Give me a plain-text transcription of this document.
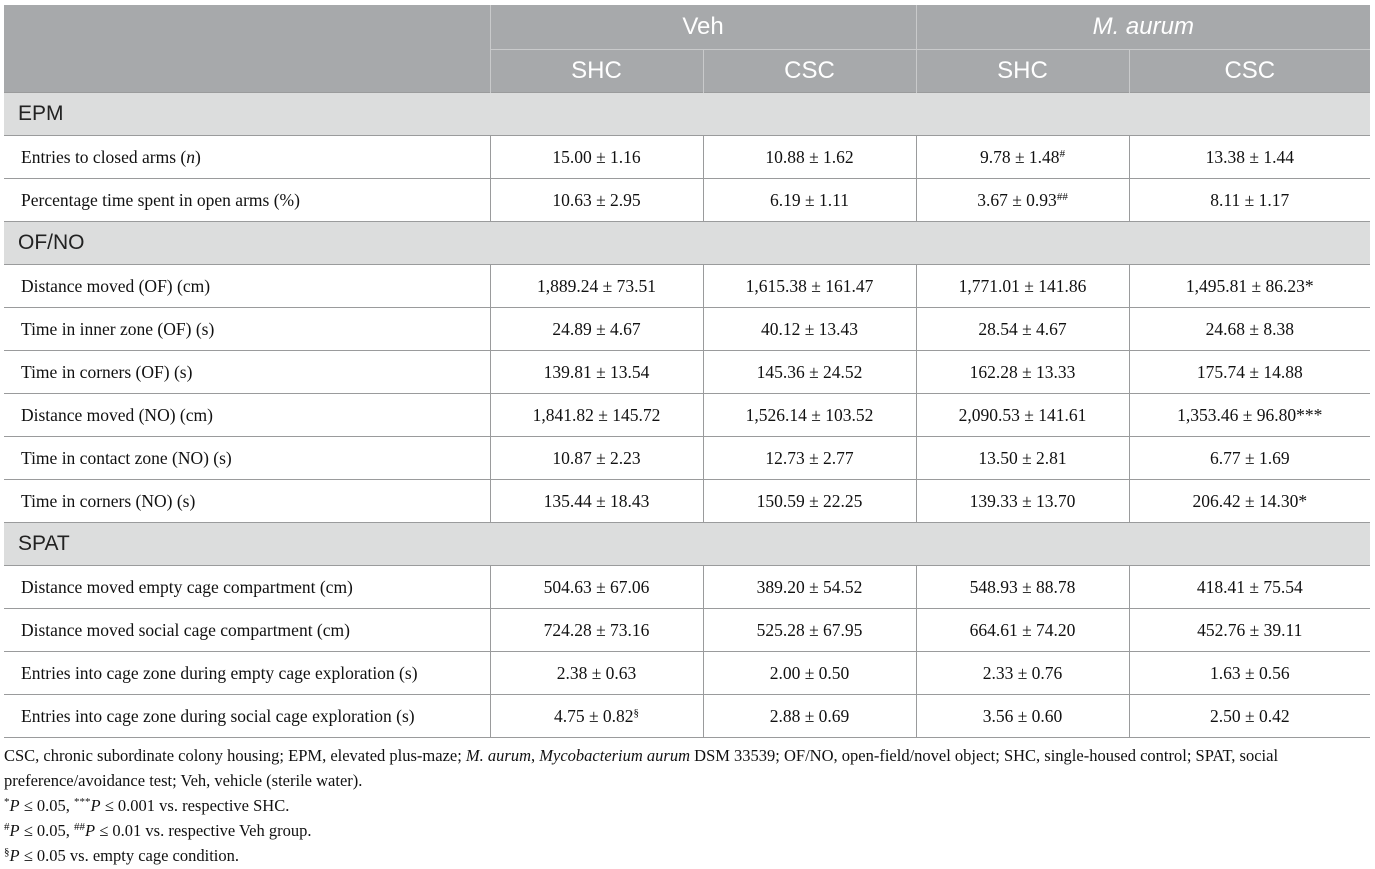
	Veh		M. aurum	
	SHC	CSC	SHC	CSC
EPM				
Entries to closed arms (n)	15.00 ± 1.16	10.88 ± 1.62	9.78 ± 1.48#	13.38 ± 1.44
Percentage time spent in open arms (%)	10.63 ± 2.95	6.19 ± 1.11	3.67 ± 0.93##	8.11 ± 1.17
OF/NO				
Distance moved (OF) (cm)	1,889.24 ± 73.51	1,615.38 ± 161.47	1,771.01 ± 141.86	1,495.81 ± 86.23*
Time in inner zone (OF) (s)	24.89 ± 4.67	40.12 ± 13.43	28.54 ± 4.67	24.68 ± 8.38
Time in corners (OF) (s)	139.81 ± 13.54	145.36 ± 24.52	162.28 ± 13.33	175.74 ± 14.88
Distance moved (NO) (cm)	1,841.82 ± 145.72	1,526.14 ± 103.52	2,090.53 ± 141.61	1,353.46 ± 96.80***
Time in contact zone (NO) (s)	10.87 ± 2.23	12.73 ± 2.77	13.50 ± 2.81	6.77 ± 1.69
Time in corners (NO) (s)	135.44 ± 18.43	150.59 ± 22.25	139.33 ± 13.70	206.42 ± 14.30*
SPAT				
Distance moved empty cage compartment (cm)	504.63 ± 67.06	389.20 ± 54.52	548.93 ± 88.78	418.41 ± 75.54
Distance moved social cage compartment (cm)	724.28 ± 73.16	525.28 ± 67.95	664.61 ± 74.20	452.76 ± 39.11
Entries into cage zone during empty cage exploration (s)	2.38 ± 0.63	2.00 ± 0.50	2.33 ± 0.76	1.63 ± 0.56
Entries into cage zone during social cage exploration (s)	4.75 ± 0.82§	2.88 ± 0.69	3.56 ± 0.60	2.50 ± 0.42

CSC, chronic subordinate colony housing; EPM, elevated plus-maze; M. aurum, Mycobacterium aurum DSM 33539; OF/NO, open-field/novel object; SHC, single-housed control; SPAT, social preference/avoidance test; Veh, vehicle (sterile water).

*P ≤ 0.05, ***P ≤ 0.001 vs. respective SHC.

#P ≤ 0.05, ##P ≤ 0.01 vs. respective Veh group.

§P ≤ 0.05 vs. empty cage condition.
